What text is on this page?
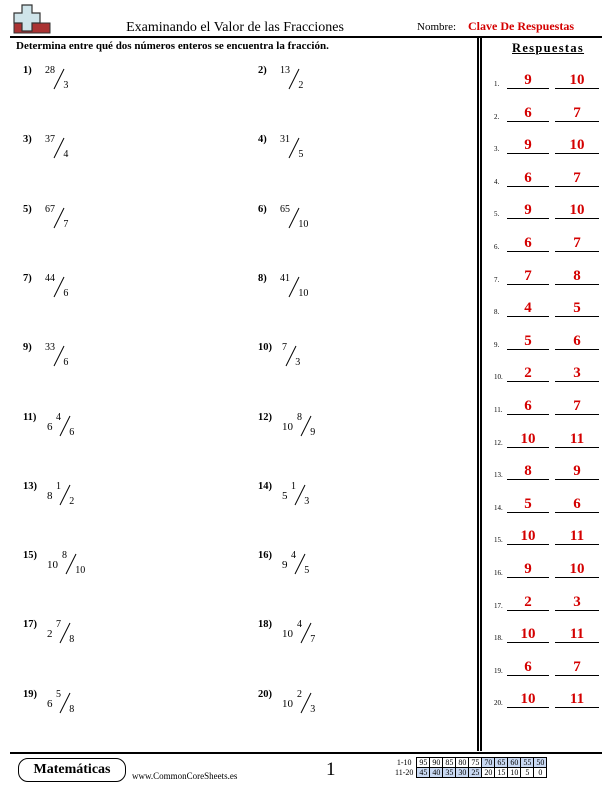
Examinando el Valor de las Fracciones	Nombre: Clave De Respuestas
Determina entre qué dos números enteros se encuentra la fracción.	Respuestas
1) 28
3
2) 13
2
3) 37
4
4) 31
5
5) 67
7
6) 65
10
7) 44
6
8) 41
10
9) 33
6
10) 7
3
11)
6
4
6
12)
10
8
9
13)
8
1
2
14)
5
1
3
15)
10
8
10
16)
9
4
5
17)
2
7
8
18)
10
4
7
19)
6
5
8
20)
10
2
3
1.	9	10
2.	6	7
3.	9	10
4.	6	7
5.	9	10
6.	6	7
7.	7	8
8.	4	5
9.	5	6
10.	2	3
11.	6	7
12.	10	11
13.	8	9
14.	5	6
15.	10	11
16.	9	10
17.	2	3
18.	10	11
19.	6	7
20.	10	11
Matemáticas	www.CommonCoreSheets.es	1	1-10	95	90	85	80	75	70	65	60	55	50
11-20	45	40	35	30	25	20	15	10	5	0
